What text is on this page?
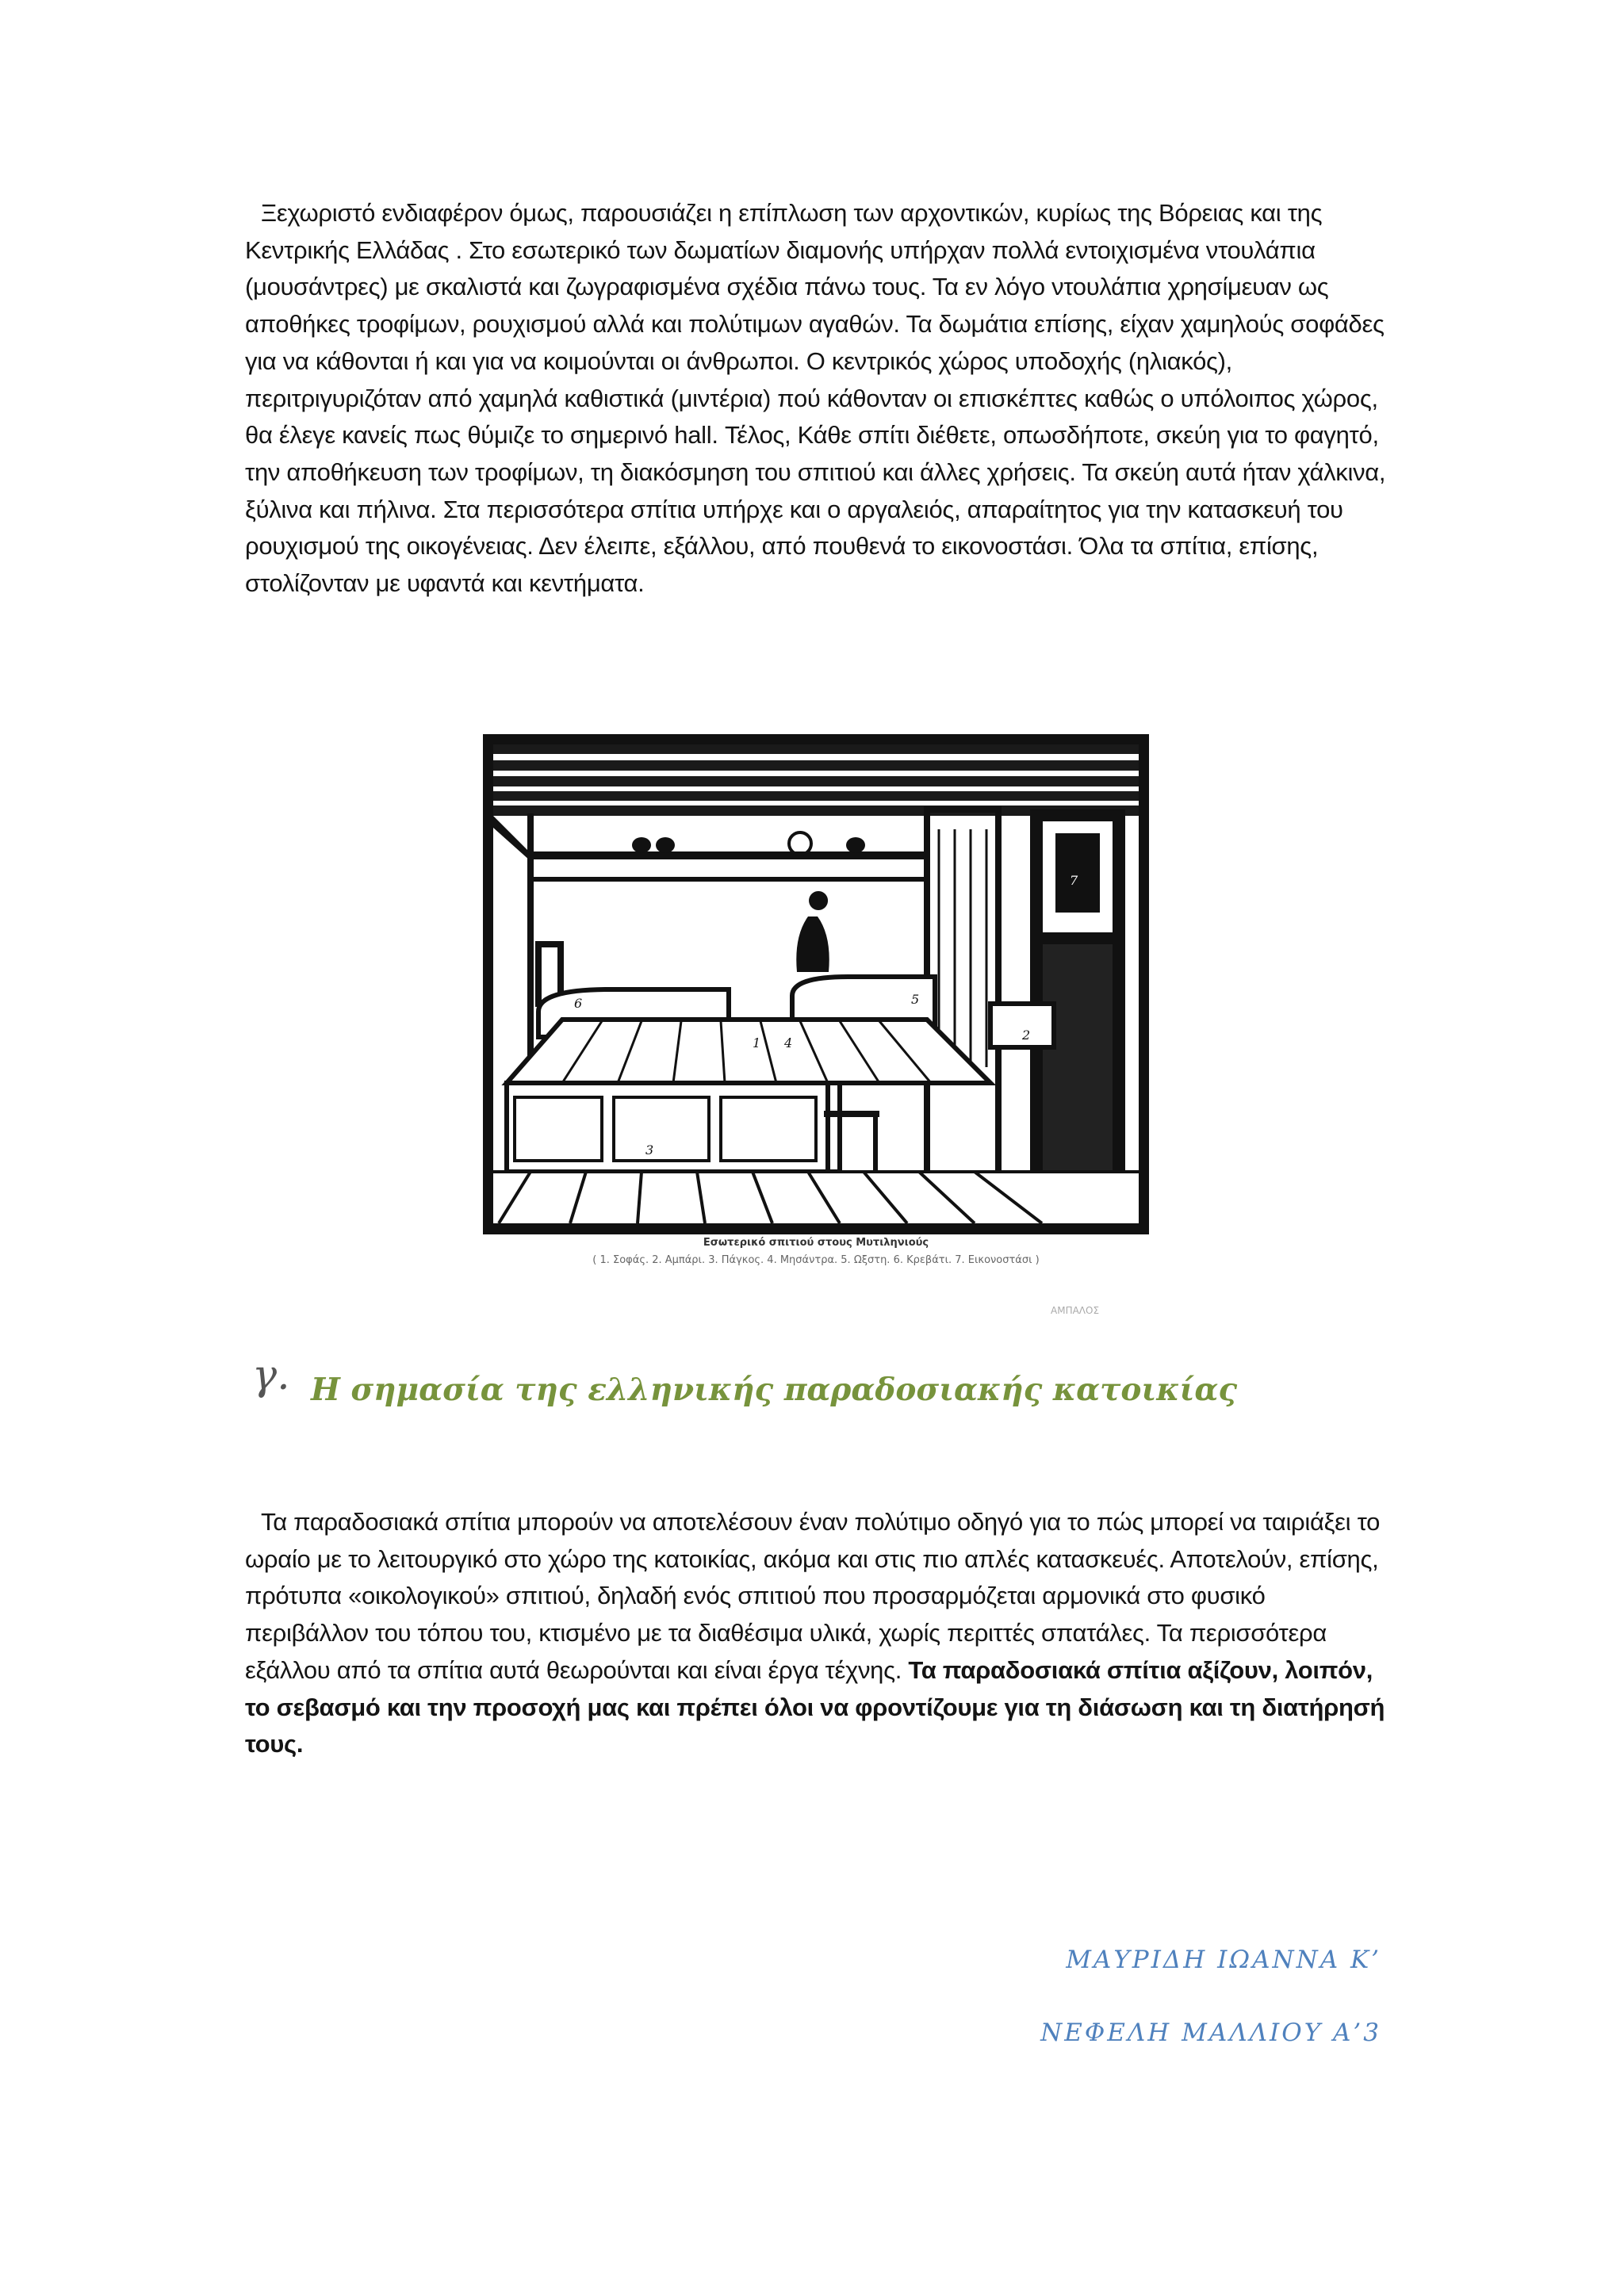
Ξεχωριστό ενδιαφέρον όμως, παρουσιάζει η επίπλωση των αρχοντικών, κυρίως της Βόρειας και της Κεντρικής Ελλάδας . Στο εσωτερικό των δωματίων διαμονής υπήρχαν πολλά εντοιχισμένα ντουλάπια (μουσάντρες) με σκαλιστά και ζωγραφισμένα σχέδια πάνω τους. Τα εν λόγο ντουλάπια χρησίμευαν ως αποθήκες τροφίμων, ρουχισμού αλλά και πολύτιμων αγαθών. Τα δωμάτια επίσης, είχαν χαμηλούς σοφάδες για να κάθονται ή και για να κοιμούνται οι άνθρωποι. Ο κεντρικός χώρος υποδοχής (ηλιακός), περιτριγυριζόταν από χαμηλά καθιστικά (μιντέρια) πού κάθονταν οι επισκέπτες καθώς ο υπόλοιπος χώρος, θα έλεγε κανείς πως θύμιζε το σημερινό hall. Τέλος, Κάθε σπίτι διέθετε, οπωσδήποτε, σκεύη για το φαγητό, την αποθήκευση των τροφίμων, τη διακόσμηση του σπιτιού και άλλες χρήσεις. Τα σκεύη αυτά ήταν χάλκινα, ξύλινα και πήλινα. Στα περισσότερα σπίτια υπήρχε και ο αργαλειός, απαραίτητος για την κατασκευή του ρουχισμού της οικογένειας. Δεν έλειπε, εξάλλου, από πουθενά το εικονοστάσι. Όλα τα σπίτια, επίσης, στολίζονταν με υφαντά και κεντήματα.

6
4
3
5
2
1
7
Εσωτερικό σπιτιού στους Μυτιληνιούς
( 1. Σοφάς. 2. Αμπάρι. 3. Πάγκος. 4. Μησάντρα. 5. Ωξστη. 6. Κρεβάτι. 7. Εικονοστάσι )
ΑΜΠΑΛΟΣ
γ. Η σημασία της ελληνικής παραδοσιακής κατοικίας

Τα παραδοσιακά σπίτια μπορούν να αποτελέσουν έναν πολύτιμο οδηγό για το πώς μπορεί να ταιριάξει το ωραίο με το λειτουργικό στο χώρο της κατοικίας, ακόμα και στις πιο απλές κατασκευές. Αποτελούν, επίσης, πρότυπα «οικολογικού» σπιτιού, δηλαδή ενός σπιτιού που προσαρμόζεται αρμονικά στο φυσικό περιβάλλον του τόπου του, κτισμένο με τα διαθέσιμα υλικά, χωρίς περιττές σπατάλες. Τα περισσότερα εξάλλου από τα σπίτια αυτά θεωρούνται και είναι έργα τέχνης. Τα παραδοσιακά σπίτια αξίζουν, λοιπόν, το σεβασμό και την προσοχή μας και πρέπει όλοι να φροντίζουμε για τη διάσωση και τη διατήρησή τους.

ΜΑΥΡΙΔΗ ΙΩΑΝΝΑ Κ’

ΝΕΦΕΛΗ ΜΑΛΛΙΟΥ Α’3
